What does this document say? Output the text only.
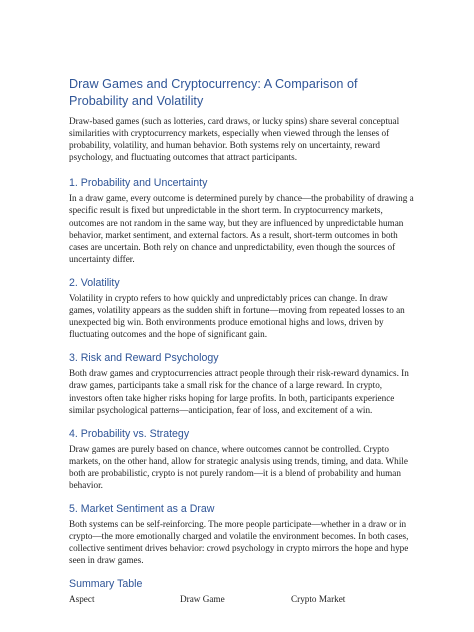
Draw Games and Cryptocurrency: A Comparison of Probability and Volatility

Draw-based games (such as lotteries, card draws, or lucky spins) share several conceptual similarities with cryptocurrency markets, especially when viewed through the lenses of probability, volatility, and human behavior. Both systems rely on uncertainty, reward psychology, and fluctuating outcomes that attract participants.

1. Probability and Uncertainty

In a draw game, every outcome is determined purely by chance—the probability of drawing a specific result is fixed but unpredictable in the short term. In cryptocurrency markets, outcomes are not random in the same way, but they are influenced by unpredictable human behavior, market sentiment, and external factors. As a result, short-term outcomes in both cases are uncertain. Both rely on chance and unpredictability, even though the sources of uncertainty differ.

2. Volatility

Volatility in crypto refers to how quickly and unpredictably prices can change. In draw games, volatility appears as the sudden shift in fortune—moving from repeated losses to an unexpected big win. Both environments produce emotional highs and lows, driven by fluctuating outcomes and the hope of significant gain.

3. Risk and Reward Psychology

Both draw games and cryptocurrencies attract people through their risk-reward dynamics. In draw games, participants take a small risk for the chance of a large reward. In crypto, investors often take higher risks hoping for large profits. In both, participants experience similar psychological patterns—anticipation, fear of loss, and excitement of a win.

4. Probability vs. Strategy

Draw games are purely based on chance, where outcomes cannot be controlled. Crypto markets, on the other hand, allow for strategic analysis using trends, timing, and data. While both are probabilistic, crypto is not purely random—it is a blend of probability and human behavior.

5. Market Sentiment as a Draw

Both systems can be self-reinforcing. The more people participate—whether in a draw or in crypto—the more emotionally charged and volatile the environment becomes. In both cases, collective sentiment drives behavior: crowd psychology in crypto mirrors the hope and hype seen in draw games.

Summary Table
Aspect	Draw Game	Crypto Market
